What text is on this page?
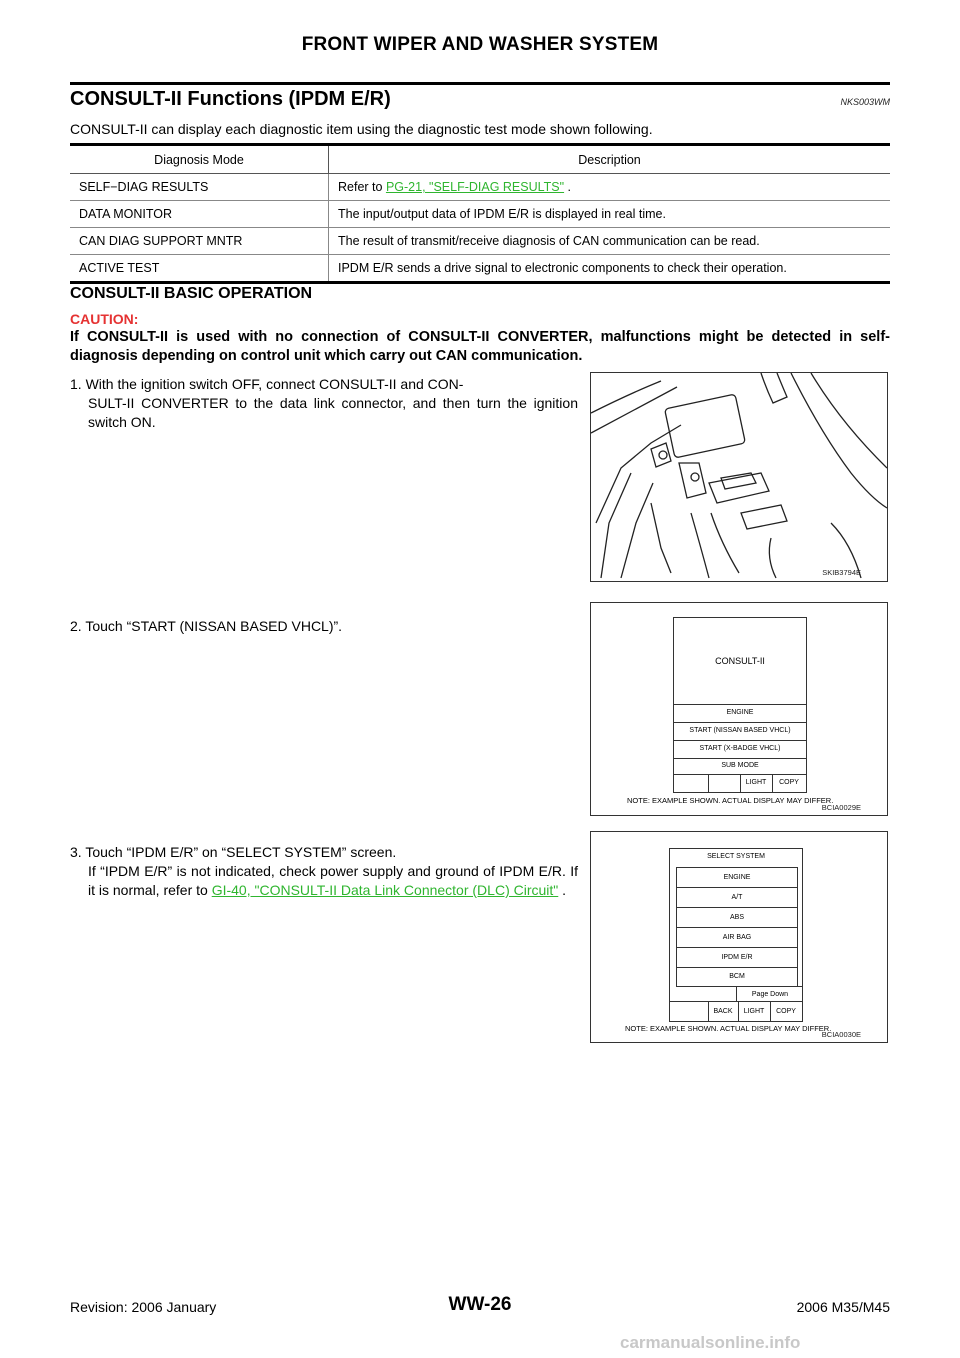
FRONT WIPER AND WASHER SYSTEM
CONSULT-II Functions (IPDM E/R)	NKS003WM
CONSULT-II can display each diagnostic item using the diagnostic test mode shown following.
Diagnosis Mode	Description
SELF−DIAG RESULTS	Refer to PG-21, "SELF-DIAG RESULTS" .
DATA MONITOR	The input/output data of IPDM E/R is displayed in real time.
CAN DIAG SUPPORT MNTR	The result of transmit/receive diagnosis of CAN communication can be read.
ACTIVE TEST	IPDM E/R sends a drive signal to electronic components to check their operation.
CONSULT-II BASIC OPERATION
CAUTION:
If CONSULT-II is used with no connection of CONSULT-II CONVERTER, malfunctions might be detected in self-diagnosis depending on control unit which carry out CAN communication.
1. With the ignition switch OFF, connect CONSULT-II and CON-
SULT-II CONVERTER to the data link connector, and then turn the ignition switch ON.
2. Touch “START (NISSAN BASED VHCL)”.
3. Touch “IPDM E/R” on “SELECT SYSTEM” screen.
If “IPDM E/R” is not indicated, check power supply and ground of IPDM E/R. If it is normal, refer to GI-40, "CONSULT-II Data Link Connector (DLC) Circuit" .
SKIB3794E
CONSULT-II
ENGINE
START (NISSAN BASED VHCL)
START (X-BADGE VHCL)
SUB MODE
LIGHT	COPY
NOTE: EXAMPLE SHOWN. ACTUAL DISPLAY MAY DIFFER.
BCIA0029E
SELECT SYSTEM
ENGINE
A/T
ABS
AIR BAG
IPDM E/R
BCM
Page Down
BACK	LIGHT	COPY
NOTE: EXAMPLE SHOWN. ACTUAL DISPLAY MAY DIFFER.
BCIA0030E
Revision: 2006 January	WW-26	2006 M35/M45
carmanualsonline.info
